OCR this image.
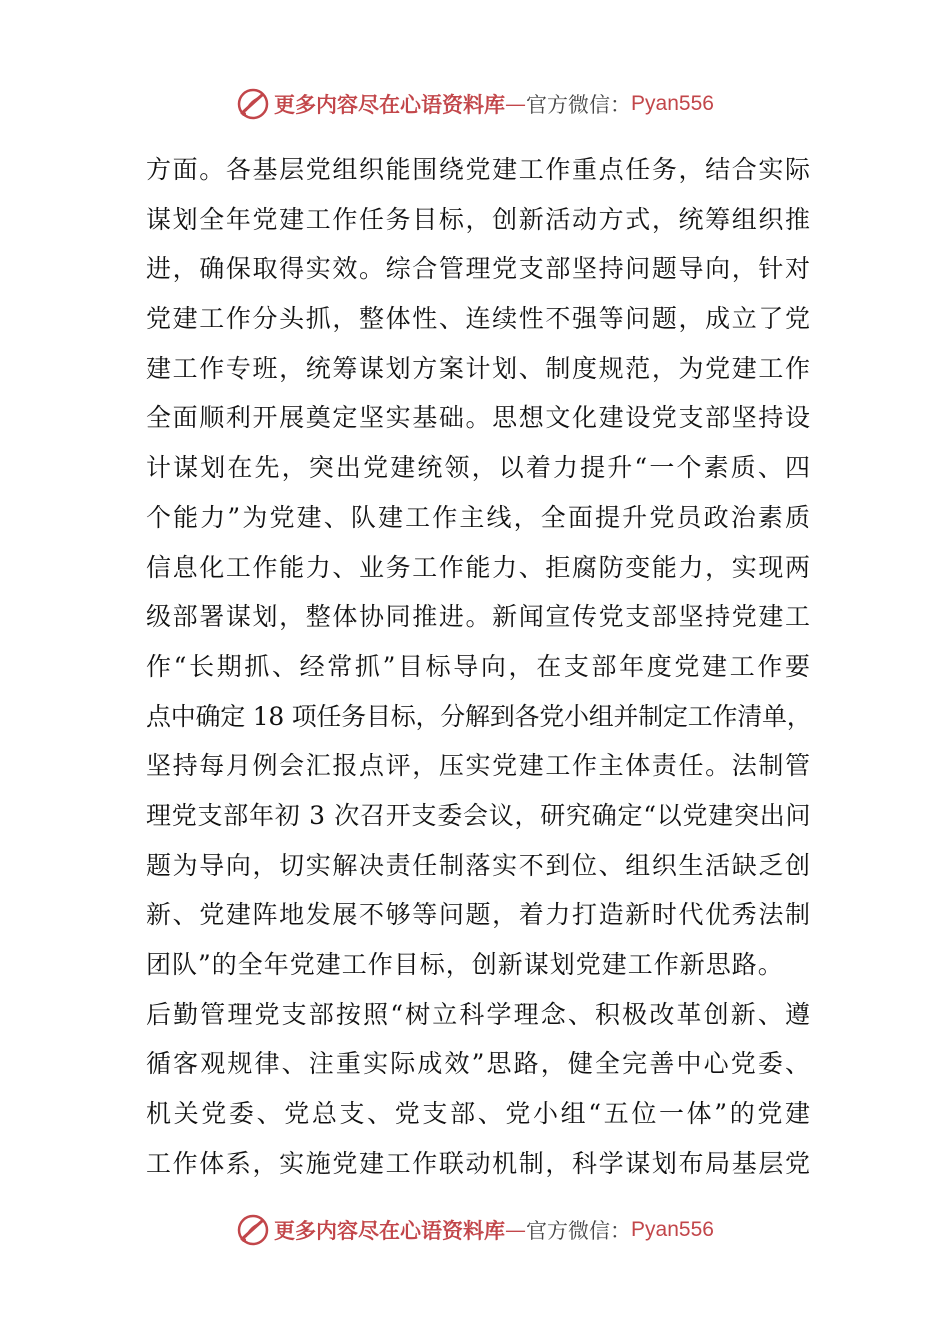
更多内容尽在心语资料库 — 官方微信： Pyan556
方面。各基层党组织能围绕党建工作重点任务，结合实际
谋划全年党建工作任务目标，创新活动方式，统筹组织推
进，确保取得实效。综合管理党支部坚持问题导向，针对
党建工作分头抓，整体性、连续性不强等问题，成立了党
建工作专班，统筹谋划方案计划、制度规范，为党建工作
全面顺利开展奠定坚实基础。思想文化建设党支部坚持设
计谋划在先，突出党建统领，以着力提升“一个素质、四
个能力”为党建、队建工作主线，全面提升党员政治素质
信息化工作能力、业务工作能力、拒腐防变能力，实现两
级部署谋划，整体协同推进。新闻宣传党支部坚持党建工
作“长期抓、经常抓”目标导向，在支部年度党建工作要
点中确定 18 项任务目标，分解到各党小组并制定工作清单，
坚持每月例会汇报点评，压实党建工作主体责任。法制管
理党支部年初 3 次召开支委会议，研究确定“以党建突出问
题为导向，切实解决责任制落实不到位、组织生活缺乏创
新、党建阵地发展不够等问题，着力打造新时代优秀法制
团队”的全年党建工作目标，创新谋划党建工作新思路。
后勤管理党支部按照“树立科学理念、积极改革创新、遵
循客观规律、注重实际成效”思路，健全完善中心党委、
机关党委、党总支、党支部、党小组“五位一体”的党建
工作体系，实施党建工作联动机制，科学谋划布局基层党
更多内容尽在心语资料库 — 官方微信： Pyan556
